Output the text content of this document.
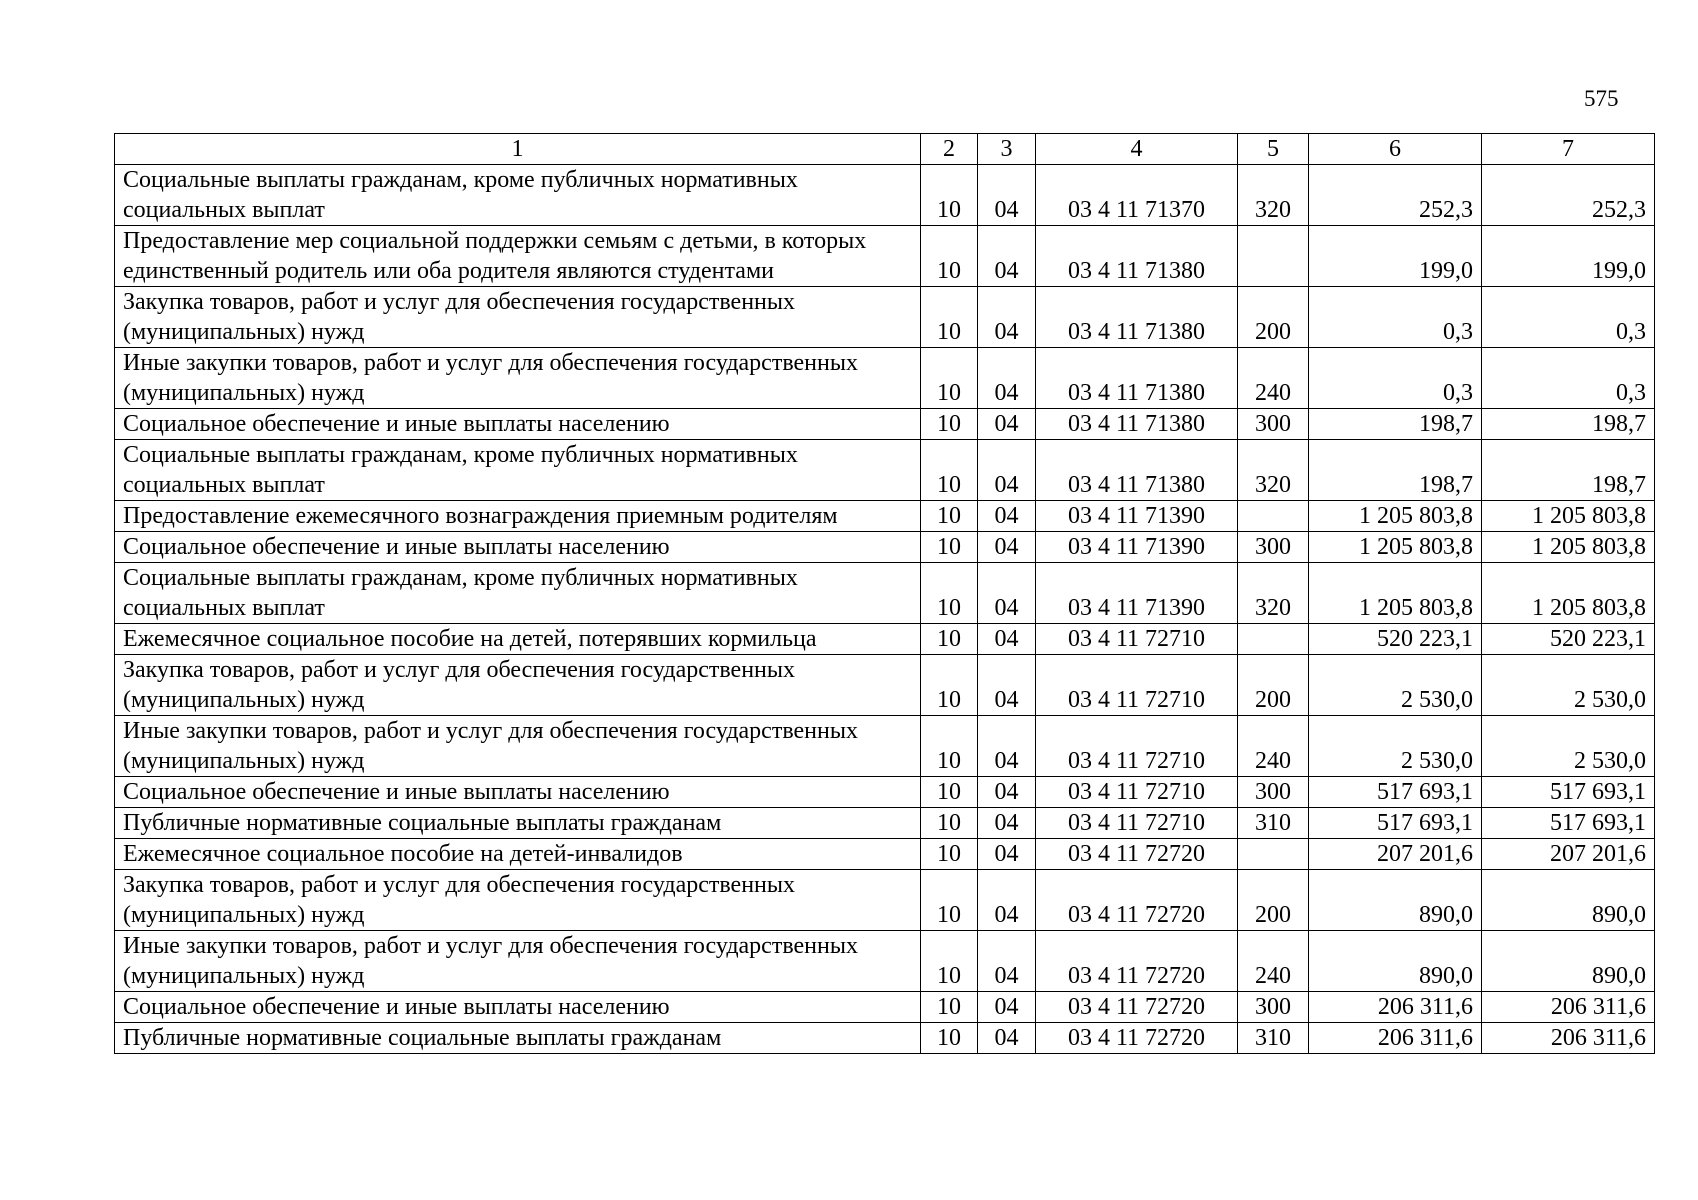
575
1	2	3	4	5	6	7
Социальные выплаты гражданам, кроме публичных нормативных социальных выплат	10	04	03 4 11 71370	320	252,3	252,3
Предоставление мер социальной поддержки семьям с детьми, в которых единственный родитель или оба родителя являются студентами	10	04	03 4 11 71380		199,0	199,0
Закупка товаров, работ и услуг для обеспечения государственных (муниципальных) нужд	10	04	03 4 11 71380	200	0,3	0,3
Иные закупки товаров, работ и услуг для обеспечения государственных (муниципальных) нужд	10	04	03 4 11 71380	240	0,3	0,3
Социальное обеспечение и иные выплаты населению	10	04	03 4 11 71380	300	198,7	198,7
Социальные выплаты гражданам, кроме публичных нормативных социальных выплат	10	04	03 4 11 71380	320	198,7	198,7
Предоставление ежемесячного вознаграждения приемным родителям	10	04	03 4 11 71390		1 205 803,8	1 205 803,8
Социальное обеспечение и иные выплаты населению	10	04	03 4 11 71390	300	1 205 803,8	1 205 803,8
Социальные выплаты гражданам, кроме публичных нормативных социальных выплат	10	04	03 4 11 71390	320	1 205 803,8	1 205 803,8
Ежемесячное социальное пособие на детей, потерявших кормильца	10	04	03 4 11 72710		520 223,1	520 223,1
Закупка товаров, работ и услуг для обеспечения государственных (муниципальных) нужд	10	04	03 4 11 72710	200	2 530,0	2 530,0
Иные закупки товаров, работ и услуг для обеспечения государственных (муниципальных) нужд	10	04	03 4 11 72710	240	2 530,0	2 530,0
Социальное обеспечение и иные выплаты населению	10	04	03 4 11 72710	300	517 693,1	517 693,1
Публичные нормативные социальные выплаты гражданам	10	04	03 4 11 72710	310	517 693,1	517 693,1
Ежемесячное социальное пособие на детей-инвалидов	10	04	03 4 11 72720		207 201,6	207 201,6
Закупка товаров, работ и услуг для обеспечения государственных (муниципальных) нужд	10	04	03 4 11 72720	200	890,0	890,0
Иные закупки товаров, работ и услуг для обеспечения государственных (муниципальных) нужд	10	04	03 4 11 72720	240	890,0	890,0
Социальное обеспечение и иные выплаты населению	10	04	03 4 11 72720	300	206 311,6	206 311,6
Публичные нормативные социальные выплаты гражданам	10	04	03 4 11 72720	310	206 311,6	206 311,6
